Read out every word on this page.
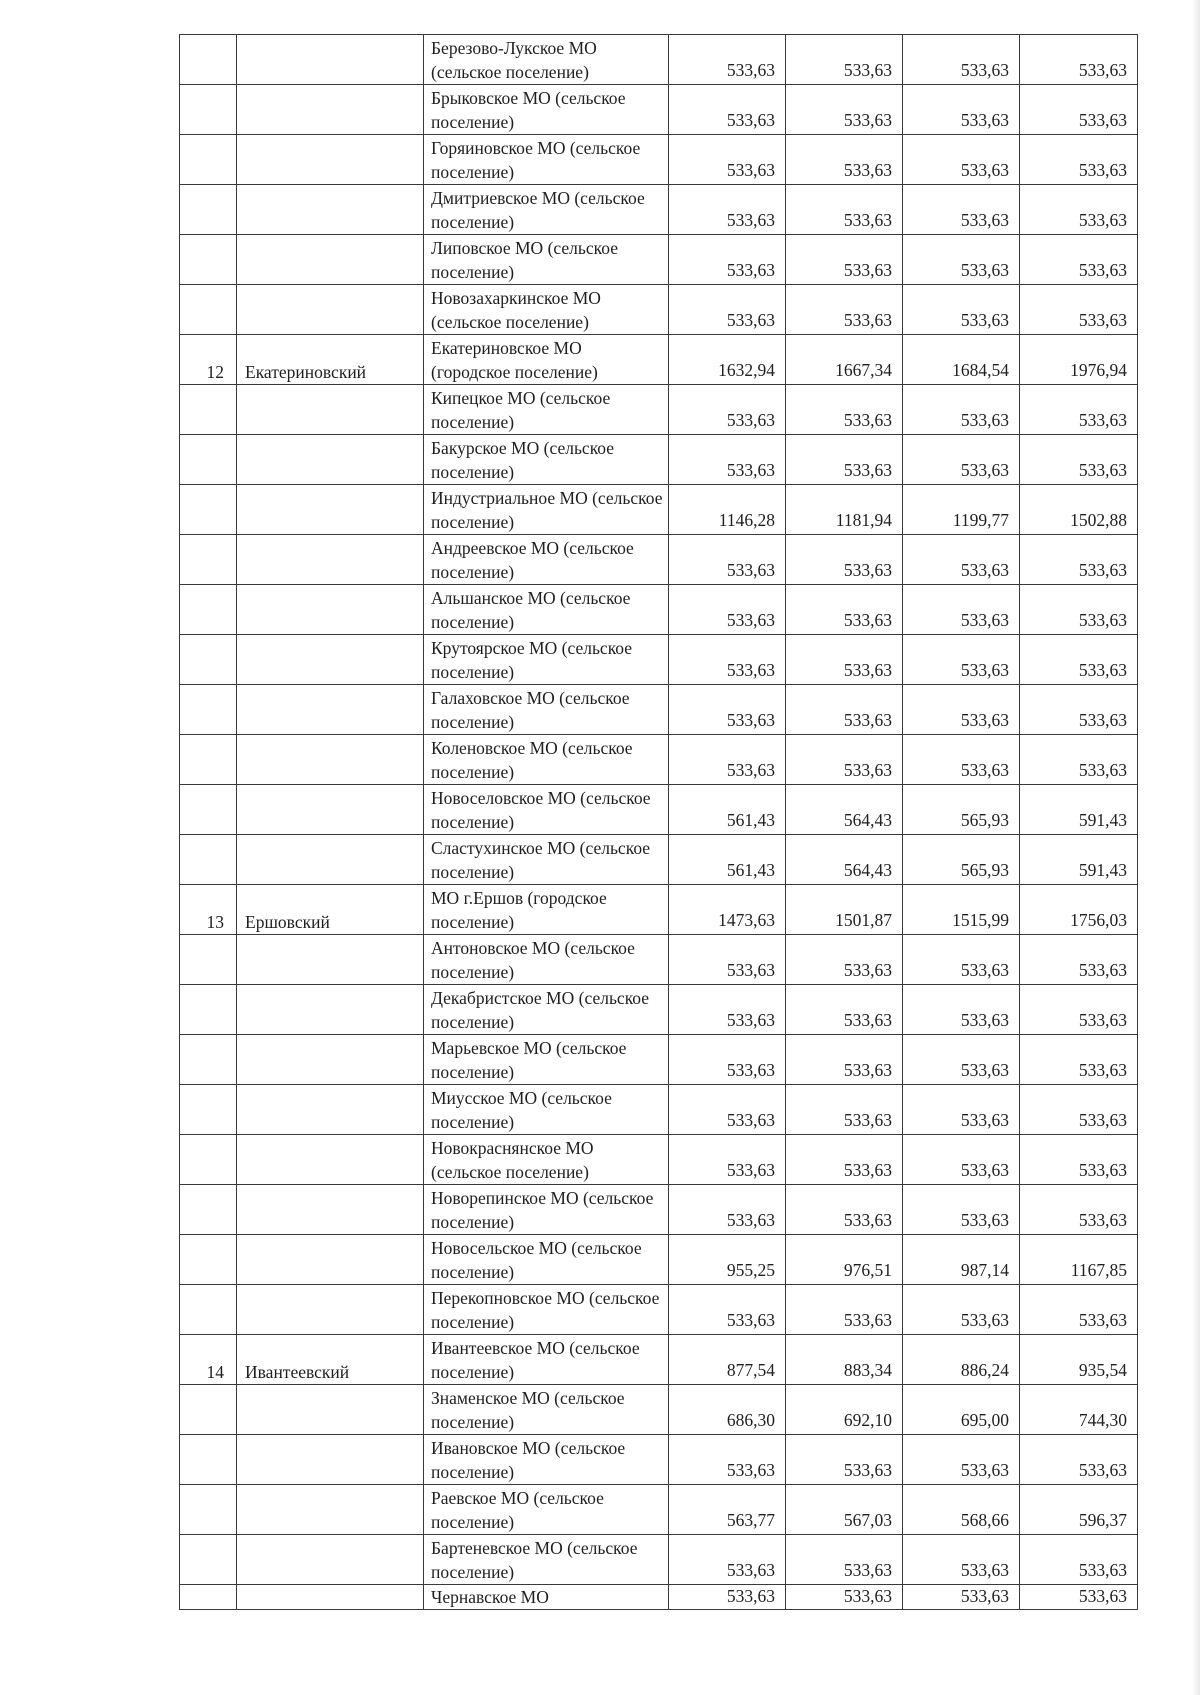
		Березово-Лукское МО (сельское поселение)	533,63	533,63	533,63	533,63
		Брыковское МО (сельское поселение)	533,63	533,63	533,63	533,63
		Горяиновское МО (сельское поселение)	533,63	533,63	533,63	533,63
		Дмитриевское МО (сельское поселение)	533,63	533,63	533,63	533,63
		Липовское МО (сельское поселение)	533,63	533,63	533,63	533,63
		Новозахаркинское МО (сельское поселение)	533,63	533,63	533,63	533,63
12	Екатериновский	Екатериновское МО (городское поселение)	1632,94	1667,34	1684,54	1976,94
		Кипецкое МО (сельское поселение)	533,63	533,63	533,63	533,63
		Бакурское МО (сельское поселение)	533,63	533,63	533,63	533,63
		Индустриальное МО (сельское поселение)	1146,28	1181,94	1199,77	1502,88
		Андреевское МО (сельское поселение)	533,63	533,63	533,63	533,63
		Альшанское МО (сельское поселение)	533,63	533,63	533,63	533,63
		Крутоярское МО (сельское поселение)	533,63	533,63	533,63	533,63
		Галаховское МО (сельское поселение)	533,63	533,63	533,63	533,63
		Коленовское МО (сельское поселение)	533,63	533,63	533,63	533,63
		Новоселовское МО (сельское поселение)	561,43	564,43	565,93	591,43
		Сластухинское МО (сельское поселение)	561,43	564,43	565,93	591,43
13	Ершовский	МО г.Ершов (городское поселение)	1473,63	1501,87	1515,99	1756,03
		Антоновское МО (сельское поселение)	533,63	533,63	533,63	533,63
		Декабристское МО (сельское поселение)	533,63	533,63	533,63	533,63
		Марьевское МО (сельское поселение)	533,63	533,63	533,63	533,63
		Миусское МО (сельское поселение)	533,63	533,63	533,63	533,63
		Новокраснянское МО (сельское поселение)	533,63	533,63	533,63	533,63
		Новорепинское МО (сельское поселение)	533,63	533,63	533,63	533,63
		Новосельское МО (сельское поселение)	955,25	976,51	987,14	1167,85
		Перекопновское МО (сельское поселение)	533,63	533,63	533,63	533,63
14	Ивантеевский	Ивантеевское МО (сельское поселение)	877,54	883,34	886,24	935,54
		Знаменское МО (сельское поселение)	686,30	692,10	695,00	744,30
		Ивановское МО (сельское поселение)	533,63	533,63	533,63	533,63
		Раевское МО (сельское поселение)	563,77	567,03	568,66	596,37
		Бартеневское МО (сельское поселение)	533,63	533,63	533,63	533,63
		Чернавское МО	533,63	533,63	533,63	533,63
